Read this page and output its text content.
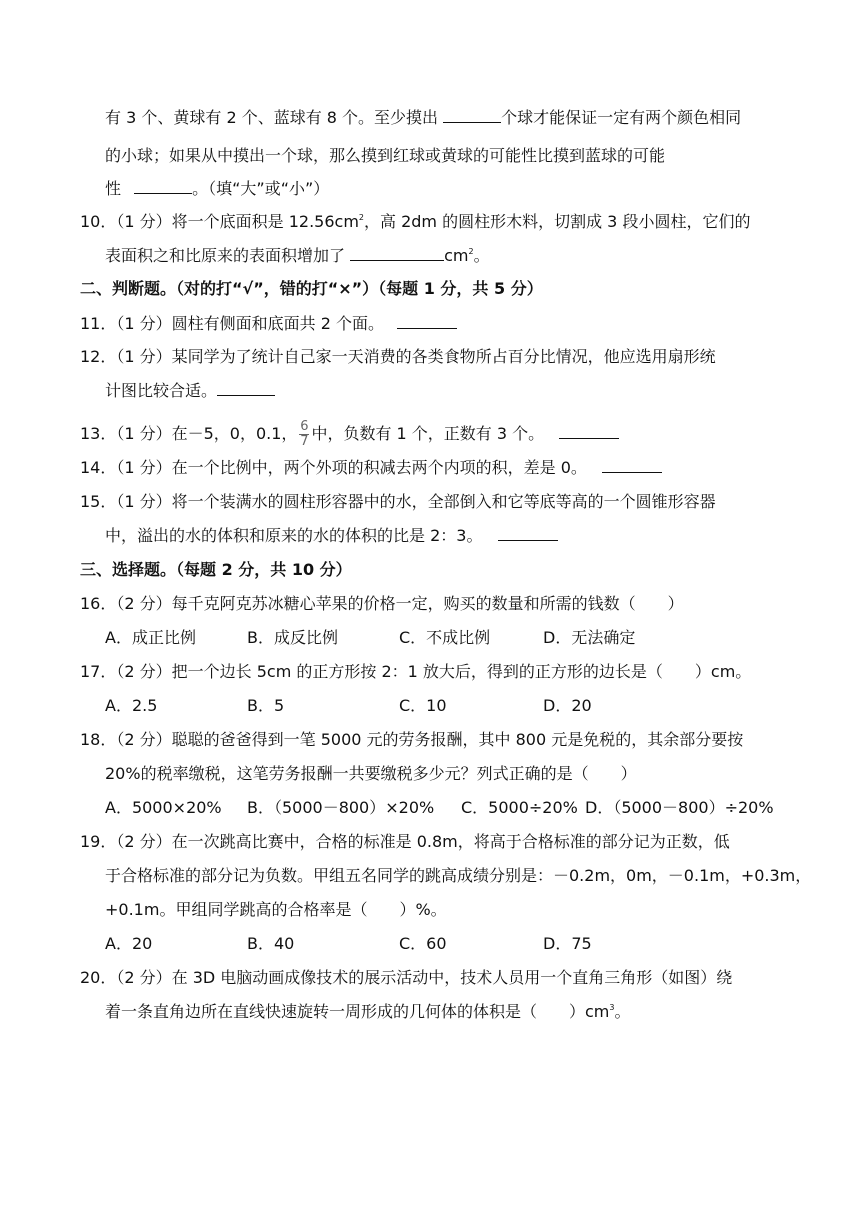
有 3 个、黄球有 2 个、蓝球有 8 个。至少摸出	个球才能保证一定有两个颜色相同
的小球；如果从中摸出一个球，那么摸到红球或黄球的可能性比摸到蓝球的可能
性	。（填“大”或“小”）
10．（1 分）将一个底面积是 $12.56cm^2$，高 2dm 的圆柱形木料，切割成 3 段小圆柱，它们的
表面积之和比原来的表面积增加了	$cm^2$。
二、判断题。（对的打“√”，错的打“×”）（每题 1 分，共 5 分）
11．（1 分）圆柱有侧面和底面共 2 个面。
12．（1 分）某同学为了统计自己家一天消费的各类食物所占百分比情况，他应选用扇形统
计图比较合适。
13．（1 分）在－5，0，0.1， $\frac{6}{7}$ 中，负数有 1 个，正数有 3 个。
14．（1 分）在一个比例中，两个外项的积减去两个内项的积，差是 0。
15．（1 分）将一个装满水的圆柱形容器中的水，全部倒入和它等底等高的一个圆锥形容器
中，溢出的水的体积和原来的水的体积的比是 2：3。
三、选择题。（每题 2 分，共 10 分）
16．（2 分）每千克阿克苏冰糖心苹果的价格一定，购买的数量和所需的钱数（　　）
A．成正比例	B．成反比例	C．不成比例	D．无法确定
17．（2 分）把一个边长 5cm 的正方形按 2：1 放大后，得到的正方形的边长是（　　）cm。
A．2.5	B．5	C．10	D．20
18．（2 分）聪聪的爸爸得到一笔 5000 元的劳务报酬，其中 800 元是免税的，其余部分要按
20%的税率缴税，这笔劳务报酬一共要缴税多少元？列式正确的是（　　）
A．5000×20% B．（5000－800）×20% C．5000÷20% D．（5000－800）÷20%
19．（2 分）在一次跳高比赛中，合格的标准是 0.8m，将高于合格标准的部分记为正数，低
于合格标准的部分记为负数。甲组五名同学的跳高成绩分别是：－0.2m，0m，－0.1m，+0.3m，
+0.1m。甲组同学跳高的合格率是（　　）%。
A．20	B．40	C．60	D．75
20．（2 分）在 3D 电脑动画成像技术的展示活动中，技术人员用一个直角三角形（如图）绕
着一条直角边所在直线快速旋转一周形成的几何体的体积是（　　）$cm^3$。
